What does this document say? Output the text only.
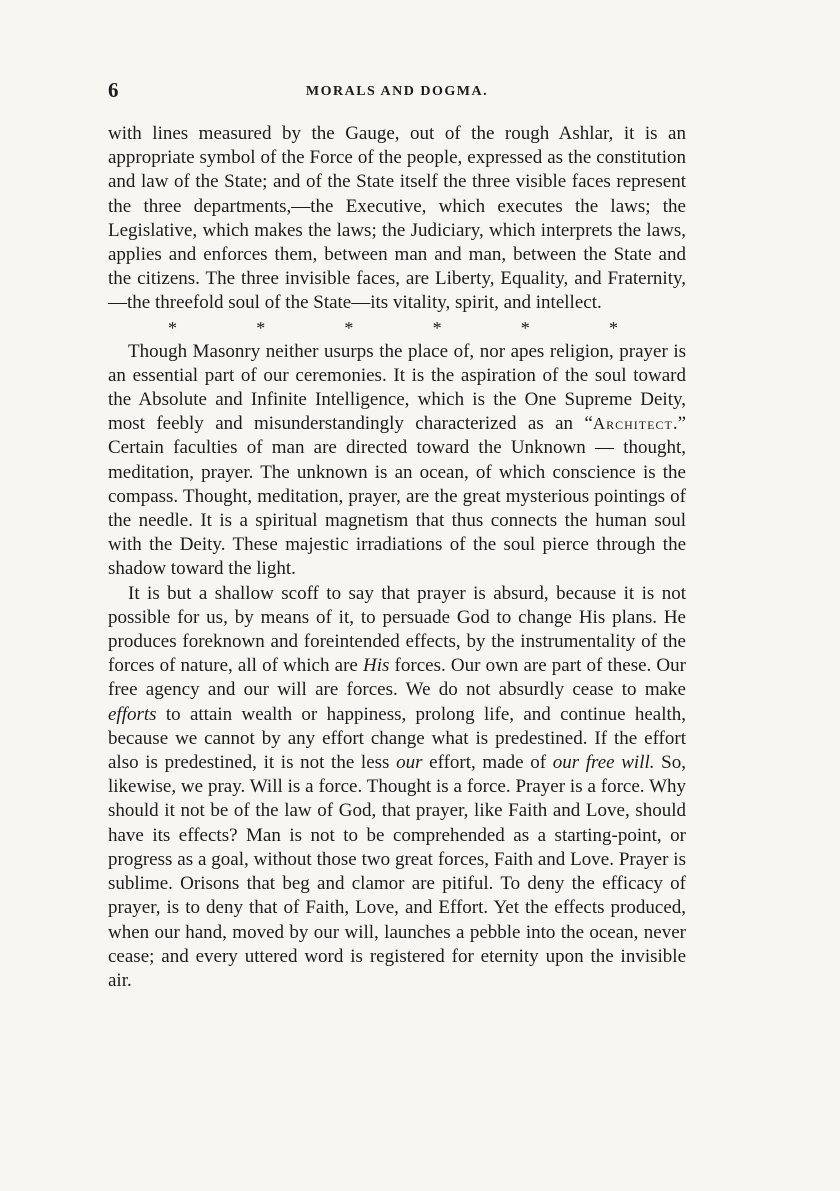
6	MORALS AND DOGMA.

with lines measured by the Gauge, out of the rough Ashlar, it is an appropriate symbol of the Force of the people, expressed as the constitution and law of the State; and of the State itself the three visible faces represent the three departments,—the Executive, which executes the laws; the Legislative, which makes the laws; the Judiciary, which interprets the laws, applies and enforces them, between man and man, between the State and the citizens. The three invisible faces, are Liberty, Equality, and Fraternity,—the threefold soul of the State—its vitality, spirit, and intellect.

*	*	*	*	*	*

Though Masonry neither usurps the place of, nor apes religion, prayer is an essential part of our ceremonies. It is the aspiration of the soul toward the Absolute and Infinite Intelligence, which is the One Supreme Deity, most feebly and misunderstandingly characterized as an “Architect.” Certain faculties of man are directed toward the Unknown — thought, meditation, prayer. The unknown is an ocean, of which conscience is the compass. Thought, meditation, prayer, are the great mysterious pointings of the needle. It is a spiritual magnetism that thus connects the human soul with the Deity. These majestic irradiations of the soul pierce through the shadow toward the light.

It is but a shallow scoff to say that prayer is absurd, because it is not possible for us, by means of it, to persuade God to change His plans. He produces foreknown and foreintended effects, by the instrumentality of the forces of nature, all of which are His forces. Our own are part of these. Our free agency and our will are forces. We do not absurdly cease to make efforts to attain wealth or happiness, prolong life, and continue health, because we cannot by any effort change what is predestined. If the effort also is predestined, it is not the less our effort, made of our free will. So, likewise, we pray. Will is a force. Thought is a force. Prayer is a force. Why should it not be of the law of God, that prayer, like Faith and Love, should have its effects? Man is not to be comprehended as a starting-point, or progress as a goal, without those two great forces, Faith and Love. Prayer is sublime. Orisons that beg and clamor are pitiful. To deny the efficacy of prayer, is to deny that of Faith, Love, and Effort. Yet the effects produced, when our hand, moved by our will, launches a pebble into the ocean, never cease; and every uttered word is registered for eternity upon the invisible air.
